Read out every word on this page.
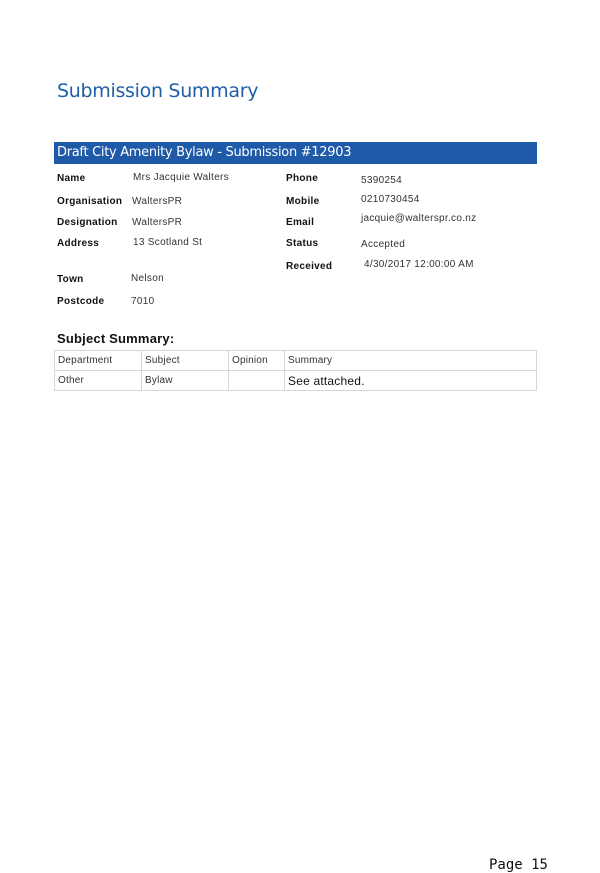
Submission Summary
Draft City Amenity Bylaw - Submission #12903
Name	Mrs Jacquie Walters
Organisation WaltersPR
Designation WaltersPR
Address	13 Scotland St
Town	Nelson
Postcode	7010
Phone	5390254
Mobile	0210730454
Email	jacquie@walterspr.co.nz
Status	Accepted
Received	4/30/2017 12:00:00 AM
Subject Summary:
Department	Subject	Opinion	Summary
Other	Bylaw		See attached.
Page 15
